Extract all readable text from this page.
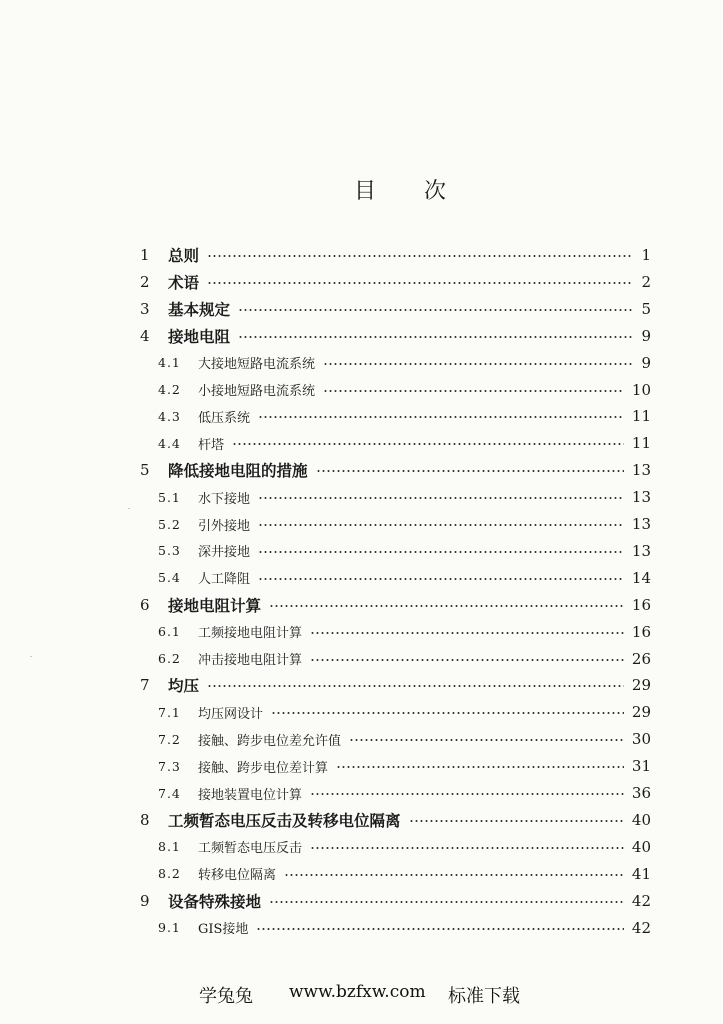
目 次
1 总则	1
2 术语	2
3 基本规定	5
4 接地电阻	9
4.1 大接地短路电流系统	9
4.2 小接地短路电流系统	10
4.3 低压系统	11
4.4 杆塔	11
5 降低接地电阻的措施	13
5.1 水下接地	13
5.2 引外接地	13
5.3 深井接地	13
5.4 人工降阻	14
6 接地电阻计算	16
6.1 工频接地电阻计算	16
6.2 冲击接地电阻计算	26
7 均压	29
7.1 均压网设计	29
7.2 接触、跨步电位差允许值	30
7.3 接触、跨步电位差计算	31
7.4 接地装置电位计算	36
8 工频暂态电压反击及转移电位隔离	40
8.1 工频暂态电压反击	40
8.2 转移电位隔离	41
9 设备特殊接地	42
9.1 GIS接地	42
学兔兔 www.bzfxw.com 标准下载
